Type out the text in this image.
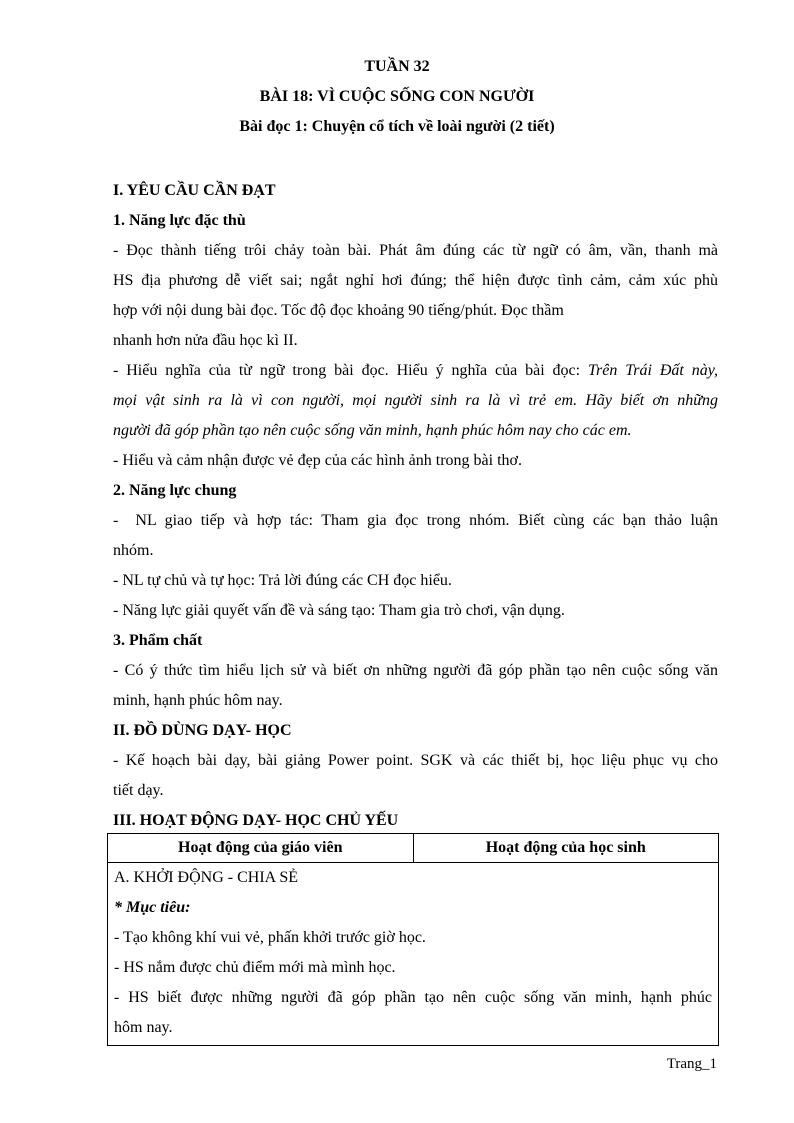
TUẦN 32
BÀI 18: VÌ CUỘC SỐNG CON NGƯỜI
Bài đọc 1: Chuyện cổ tích về loài người (2 tiết)
I. YÊU CẦU CẦN ĐẠT
1. Năng lực đặc thù
- Đọc thành tiếng trôi chảy toàn bài. Phát âm đúng các từ ngữ có âm, vần, thanh mà
HS địa phương dễ viết sai; ngắt nghỉ hơi đúng; thể hiện được tình cảm, cảm xúc phù
hợp với nội dung bài đọc. Tốc độ đọc khoảng 90 tiếng/phút. Đọc thầm
nhanh hơn nửa đầu học kì II.
- Hiểu nghĩa của từ ngữ trong bài đọc. Hiểu ý nghĩa của bài đọc: Trên Trái Đất này,
mọi vật sinh ra là vì con người, mọi người sinh ra là vì trẻ em. Hãy biết ơn những
người đã góp phần tạo nên cuộc sống văn minh, hạnh phúc hôm nay cho các em.
- Hiểu và cảm nhận được vẻ đẹp của các hình ảnh trong bài thơ.
2. Năng lực chung
-  NL giao tiếp và hợp tác: Tham gia đọc trong nhóm. Biết cùng các bạn thảo luận
nhóm.
- NL tự chủ và tự học: Trả lời đúng các CH đọc hiểu.
- Năng lực giải quyết vấn đề và sáng tạo: Tham gia trò chơi, vận dụng.
3. Phẩm chất
- Có ý thức tìm hiểu lịch sử và biết ơn những người đã góp phần tạo nên cuộc sống văn
minh, hạnh phúc hôm nay.
II. ĐỒ DÙNG DẠY- HỌC
- Kế hoạch bài dạy, bài giảng Power point. SGK và các thiết bị, học liệu phục vụ cho
tiết dạy.
III. HOẠT ĐỘNG DẠY- HỌC CHỦ YẾU
Hoạt động của giáo viên	Hoạt động của học sinh

A. KHỞI ĐỘNG - CHIA SẺ
* Mục tiêu:
- Tạo không khí vui vẻ, phấn khởi trước giờ học.
- HS nắm được chủ điểm mới mà mình học.
- HS biết được những người đã góp phần tạo nên cuộc sống văn minh, hạnh phúc
hôm nay.
Trang_1
